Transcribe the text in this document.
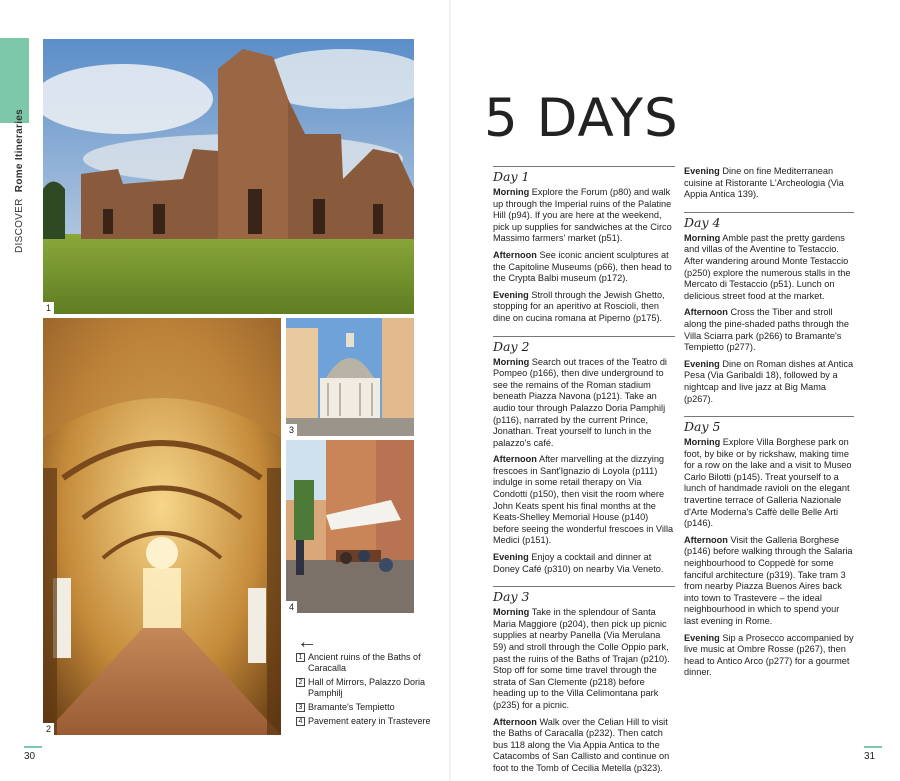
DISCOVER  Rome Itineraries
1
2
3
4
←
1 Ancient ruins of the Baths of Caracalla
2 Hall of Mirrors, Palazzo Doria Pamphilj
3 Bramante's Tempietto
4 Pavement eatery in Trastevere
30	31
5 DAYS
Day 1

Morning Explore the Forum (p80) and walk up through the Imperial ruins of the Palatine Hill (p94). If you are here at the weekend, pick up supplies for sandwiches at the Circo Massimo farmers' market (p51).

Afternoon See iconic ancient sculptures at the Capitoline Museums (p66), then head to the Crypta Balbi museum (p172).

Evening Stroll through the Jewish Ghetto, stopping for an aperitivo at Roscioli, then dine on cucina romana at Piperno (p175).

Day 2

Morning Search out traces of the Teatro di Pompeo (p166), then dive underground to see the remains of the Roman stadium beneath Piazza Navona (p121). Take an audio tour through Palazzo Doria Pamphilj (p116), narrated by the current Prince, Jonathan. Treat yourself to lunch in the palazzo's café.

Afternoon After marvelling at the dizzying frescoes in Sant'Ignazio di Loyola (p111) indulge in some retail therapy on Via Condotti (p150), then visit the room where John Keats spent his final months at the Keats-Shelley Memorial House (p140) before seeing the wonderful frescoes in Villa Medici (p151).

Evening Enjoy a cocktail and dinner at Doney Café (p310) on nearby Via Veneto.

Day 3

Morning Take in the splendour of Santa Maria Maggiore (p204), then pick up picnic supplies at nearby Panella (Via Merulana 59) and stroll through the Colle Oppio park, past the ruins of the Baths of Trajan (p210). Stop off for some time travel through the strata of San Clemente (p218) before heading up to the Villa Celimontana park (p235) for a picnic.

Afternoon Walk over the Celian Hill to visit the Baths of Caracalla (p232). Then catch bus 118 along the Via Appia Antica to the Catacombs of San Callisto and continue on foot to the Tomb of Cecilia Metella (p323).

Evening Dine on fine Mediterranean cuisine at Ristorante L'Archeologia (Via Appia Antica 139).

Day 4

Morning Amble past the pretty gardens and villas of the Aventine to Testaccio. After wandering around Monte Testaccio (p250) explore the numerous stalls in the Mercato di Testaccio (p51). Lunch on delicious street food at the market.

Afternoon Cross the Tiber and stroll along the pine-shaded paths through the Villa Sciarra park (p266) to Bramante's Tempietto (p277).

Evening Dine on Roman dishes at Antica Pesa (Via Garibaldi 18), followed by a nightcap and live jazz at Big Mama (p267).

Day 5

Morning Explore Villa Borghese park on foot, by bike or by rickshaw, making time for a row on the lake and a visit to Museo Carlo Bilotti (p145). Treat yourself to a lunch of handmade ravioli on the elegant travertine terrace of Galleria Nazionale d'Arte Moderna's Caffè delle Belle Arti (p146).

Afternoon Visit the Galleria Borghese (p146) before walking through the Salaria neighbourhood to Coppedè for some fanciful architecture (p319). Take tram 3 from nearby Piazza Buenos Aires back into town to Trastevere – the ideal neighbourhood in which to spend your last evening in Rome.

Evening Sip a Prosecco accompanied by live music at Ombre Rosse (p267), then head to Antico Arco (p277) for a gourmet dinner.
